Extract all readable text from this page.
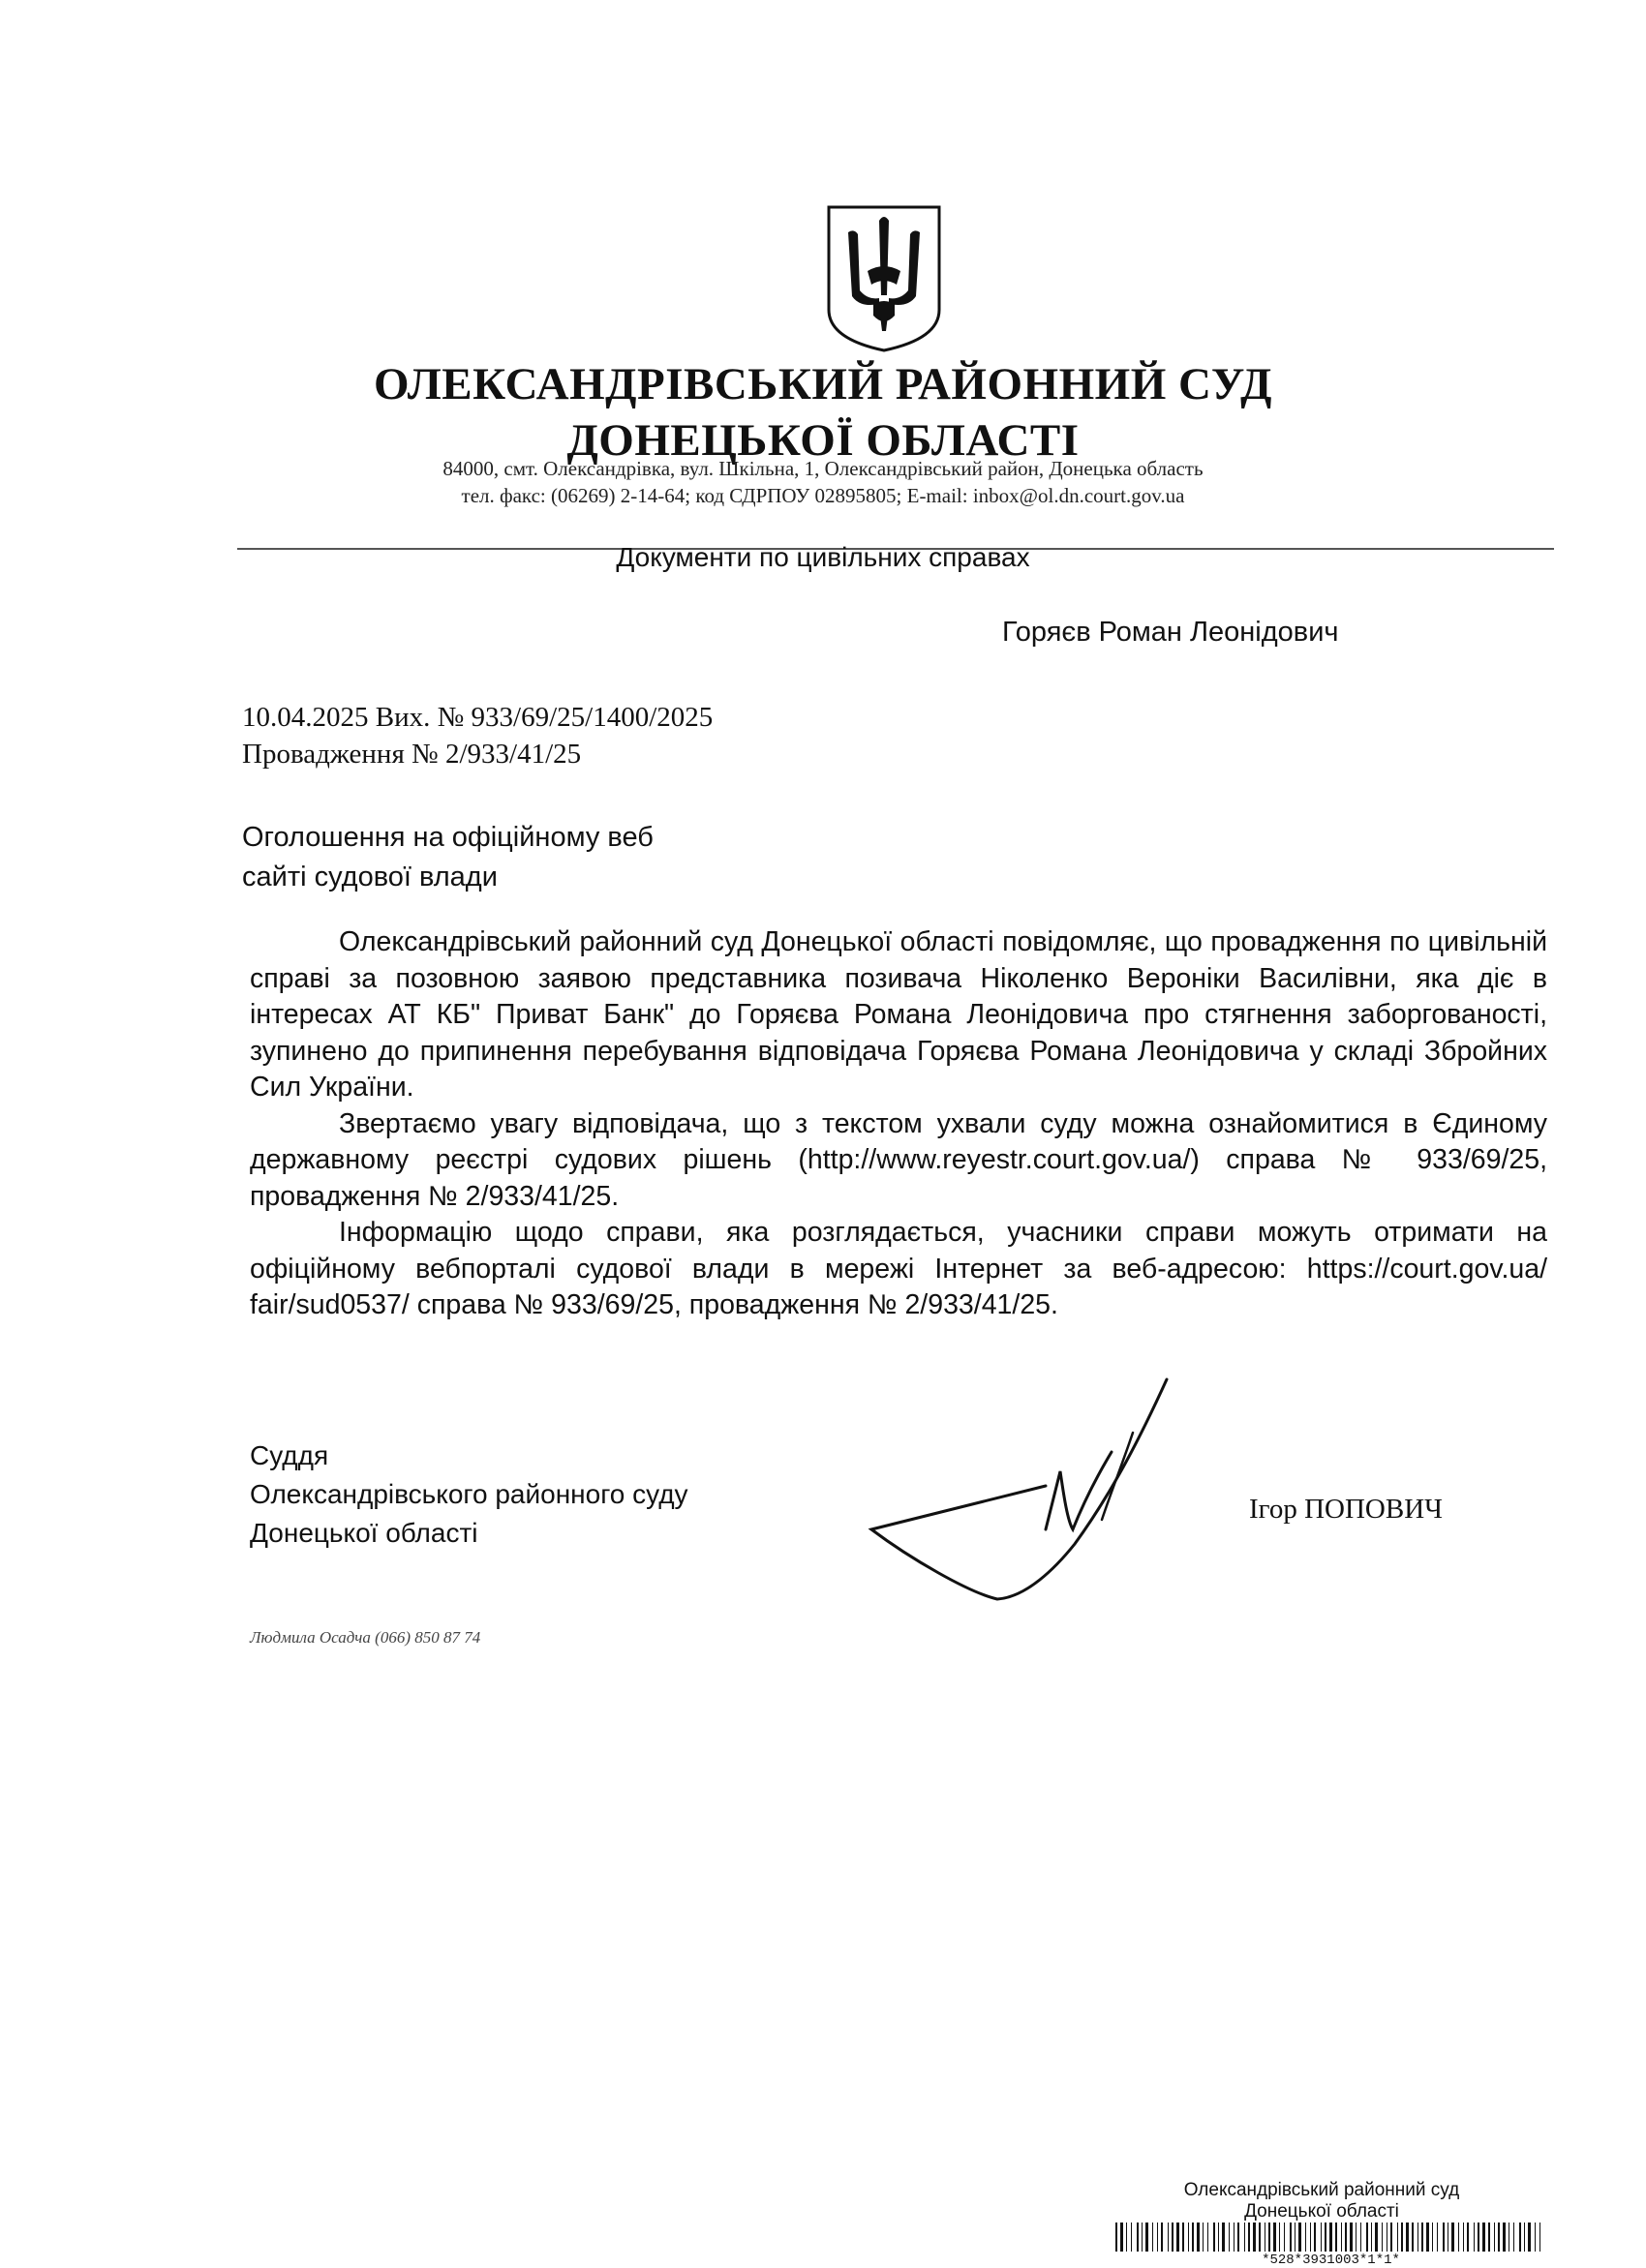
ОЛЕКСАНДРІВСЬКИЙ РАЙОННИЙ СУД
ДОНЕЦЬКОЇ ОБЛАСТІ
84000, смт. Олександрівка, вул. Шкільна, 1, Олександрівський район, Донецька область
тел. факс: (06269) 2-14-64; код СДРПОУ 02895805; E-mail: inbox@ol.dn.court.gov.ua
Документи по цивільних справах
Горяєв Роман Леонідович
10.04.2025 Вих. № 933/69/25/1400/2025
Провадження № 2/933/41/25
Оголошення на офіційному веб
сайті судової влади

Олександрівський районний суд Донецької області повідомляє, що провадження по цивільній справі за позовною заявою представника позивача Ніколенко Вероніки Василівни, яка діє в інтересах АТ КБ" Приват Банк" до Горяєва Романа Леонідовича про стягнення заборгованості, зупинено до припинення перебування відповідача Горяєва Романа Леонідовича у складі Збройних Сил України.

Звертаємо увагу відповідача, що з текстом ухвали суду можна ознайомитися в Єдиному державному реєстрі судових рішень (http://www.reyestr.court.gov.ua/) справа № 933/69/25, провадження № 2/933/41/25.

Інформацію щодо справи, яка розглядається, учасники справи можуть отримати на офіційному вебпорталі судової влади в мережі Інтернет за веб-адресою: https://court.gov.ua/ fair/sud0537/ справа № 933/69/25, провадження № 2/933/41/25.

Суддя
Олександрівського районного суду
Донецької області
Ігор ПОПОВИЧ
Людмила Осадча (066) 850 87 74
Олександрівський районний суд
Донецької області
*528*3931003*1*1*
